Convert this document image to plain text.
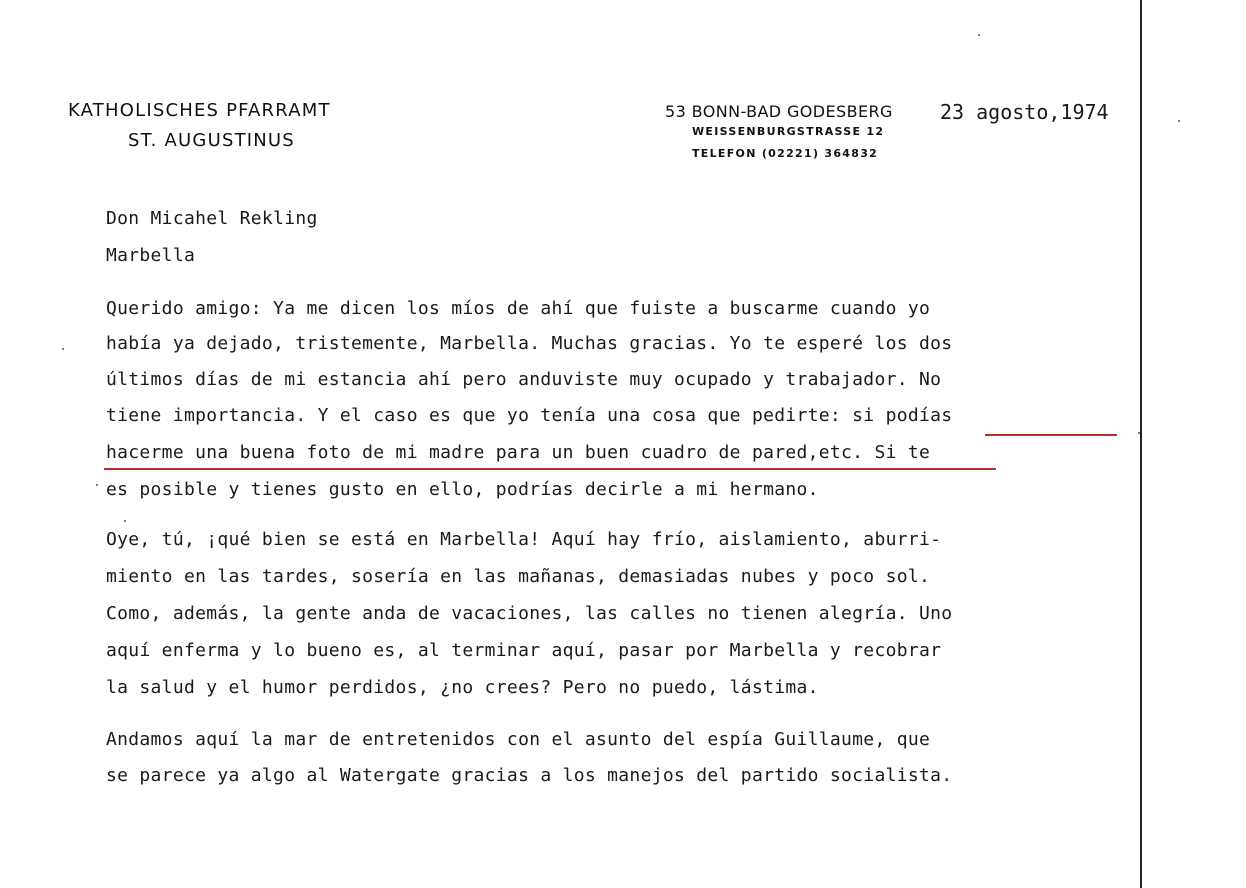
KATHOLISCHES PFARRAMT
ST. AUGUSTINUS
53 BONN-BAD GODESBERG
WEISSENBURGSTRASSE 12
TELEFON (02221) 364832
23 agosto,1974
Don Micahel Rekling
Marbella
Querido amigo: Ya me dicen los míos de ahí que fuiste a buscarme cuando yo
había ya dejado, tristemente, Marbella. Muchas gracias. Yo te esperé los dos
últimos días de mi estancia ahí pero anduviste muy ocupado y trabajador. No
tiene importancia. Y el caso es que yo tenía una cosa que pedirte: si podías
hacerme una buena foto de mi madre para un buen cuadro de pared,etc. Si te
es posible y tienes gusto en ello, podrías decirle a mi hermano.
Oye, tú, ¡qué bien se está en Marbella! Aquí hay frío, aislamiento, aburri-
miento en las tardes, sosería en las mañanas, demasiadas nubes y poco sol.
Como, además, la gente anda de vacaciones, las calles no tienen alegría. Uno
aquí enferma y lo bueno es, al terminar aquí, pasar por Marbella y recobrar
la salud y el humor perdidos, ¿no crees? Pero no puedo, lástima.
Andamos aquí la mar de entretenidos con el asunto del espía Guillaume, que
se parece ya algo al Watergate gracias a los manejos del partido socialista.
